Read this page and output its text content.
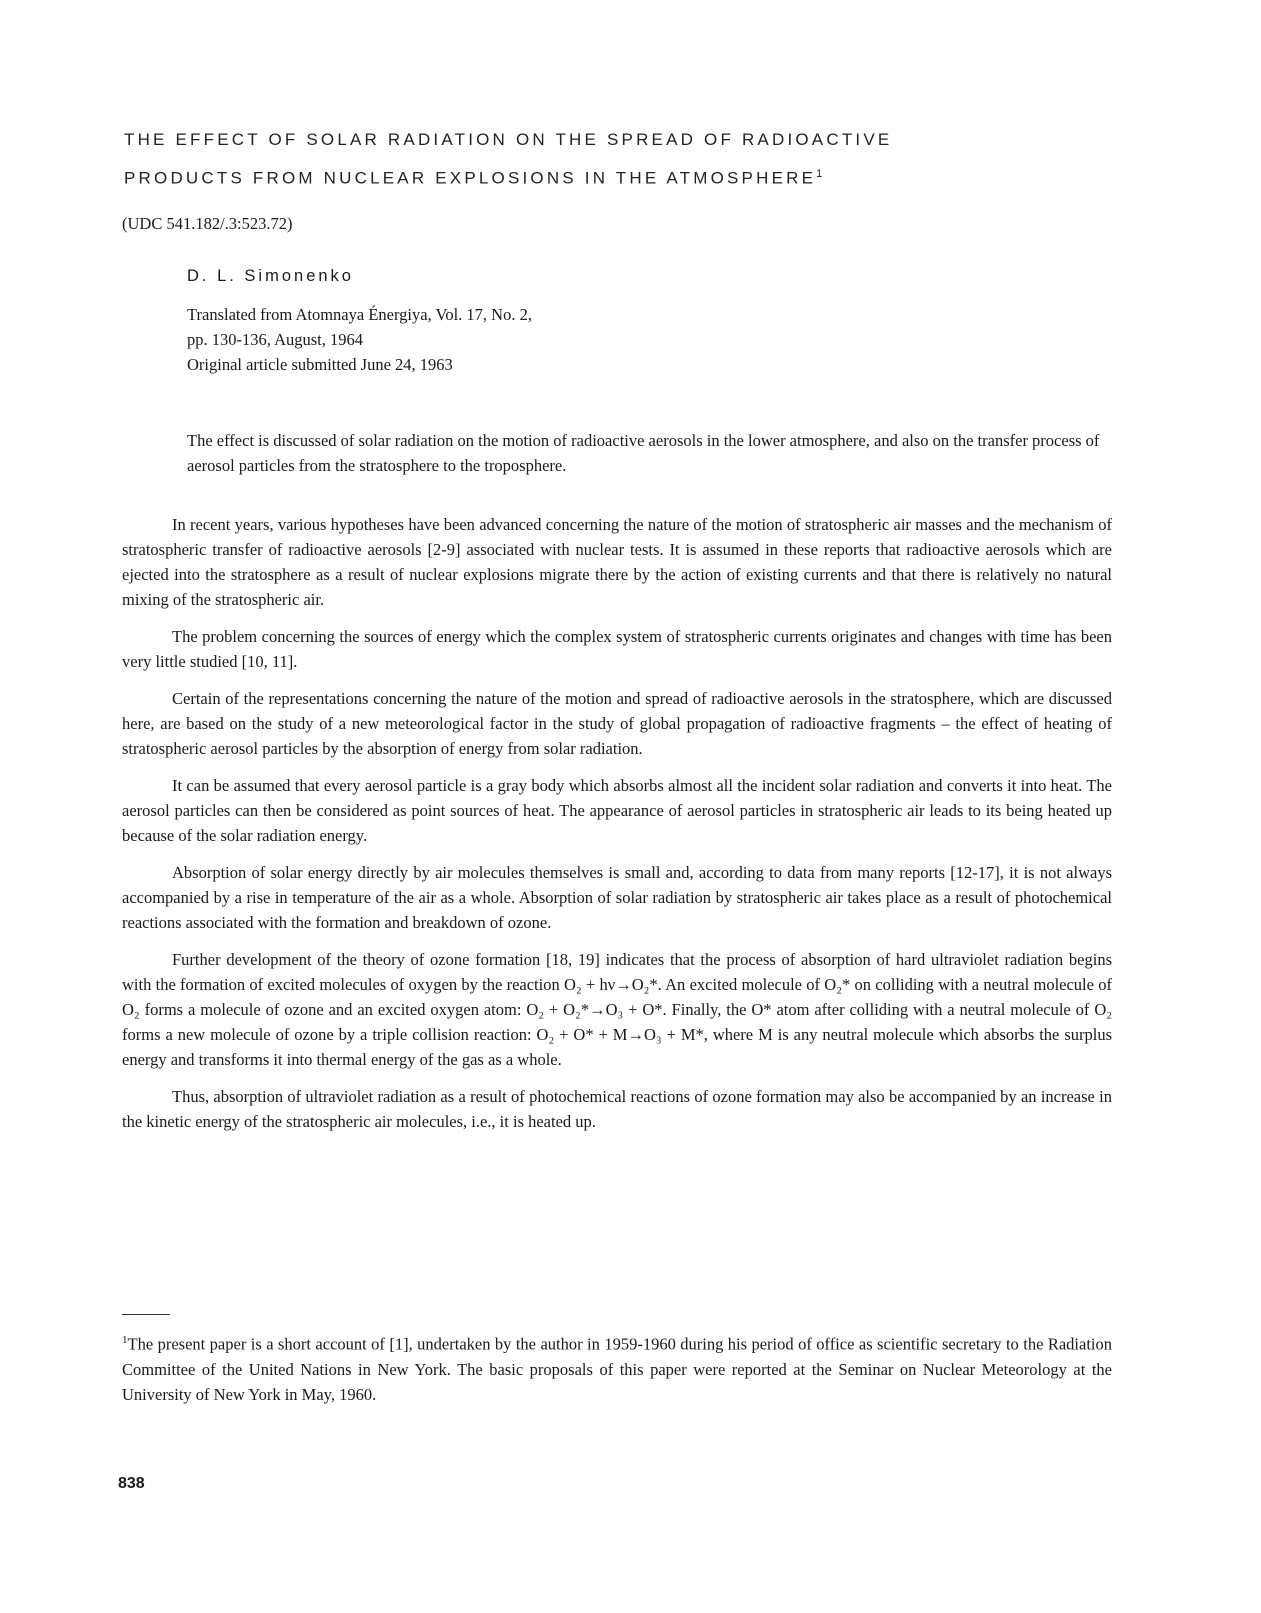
THE EFFECT OF SOLAR RADIATION ON THE SPREAD OF RADIOACTIVE
PRODUCTS FROM NUCLEAR EXPLOSIONS IN THE ATMOSPHERE$^1$
(UDC 541.182/.3:523.72)
D. L. Simonenko
Translated from Atomnaya Énergiya, Vol. 17, No. 2,
pp. 130-136, August, 1964
Original article submitted June 24, 1963
The effect is discussed of solar radiation on the motion of radioactive aerosols in the lower atmosphere, and also on the transfer process of aerosol particles from the stratosphere to the troposphere.

In recent years, various hypotheses have been advanced concerning the nature of the motion of stratospheric air masses and the mechanism of stratospheric transfer of radioactive aerosols [2-9] associated with nuclear tests. It is assumed in these reports that radioactive aerosols which are ejected into the stratosphere as a result of nuclear explosions migrate there by the action of existing currents and that there is relatively no natural mixing of the stratospheric air.

The problem concerning the sources of energy which the complex system of stratospheric currents originates and changes with time has been very little studied [10, 11].

Certain of the representations concerning the nature of the motion and spread of radioactive aerosols in the stratosphere, which are discussed here, are based on the study of a new meteorological factor in the study of global propagation of radioactive fragments – the effect of heating of stratospheric aerosol particles by the absorption of energy from solar radiation.

It can be assumed that every aerosol particle is a gray body which absorbs almost all the incident solar radiation and converts it into heat. The aerosol particles can then be considered as point sources of heat. The appearance of aerosol particles in stratospheric air leads to its being heated up because of the solar radiation energy.

Absorption of solar energy directly by air molecules themselves is small and, according to data from many reports [12-17], it is not always accompanied by a rise in temperature of the air as a whole. Absorption of solar radiation by stratospheric air takes place as a result of photochemical reactions associated with the formation and breakdown of ozone.

Further development of the theory of ozone formation [18, 19] indicates that the process of absorption of hard ultraviolet radiation begins with the formation of excited molecules of oxygen by the reaction O₂ + hν→O₂*. An excited molecule of O₂* on colliding with a neutral molecule of O₂ forms a molecule of ozone and an excited oxygen atom: O₂ + O₂*→O₃ + O*. Finally, the O* atom after colliding with a neutral molecule of O₂ forms a new molecule of ozone by a triple collision reaction: O₂ + O* + M→O₃ + M*, where M is any neutral molecule which absorbs the surplus energy and transforms it into thermal energy of the gas as a whole.

Thus, absorption of ultraviolet radiation as a result of photochemical reactions of ozone formation may also be accompanied by an increase in the kinetic energy of the stratospheric air molecules, i.e., it is heated up.

$^1$The present paper is a short account of [1], undertaken by the author in 1959-1960 during his period of office as scientific secretary to the Radiation Committee of the United Nations in New York. The basic proposals of this paper were reported at the Seminar on Nuclear Meteorology at the University of New York in May, 1960.
838
